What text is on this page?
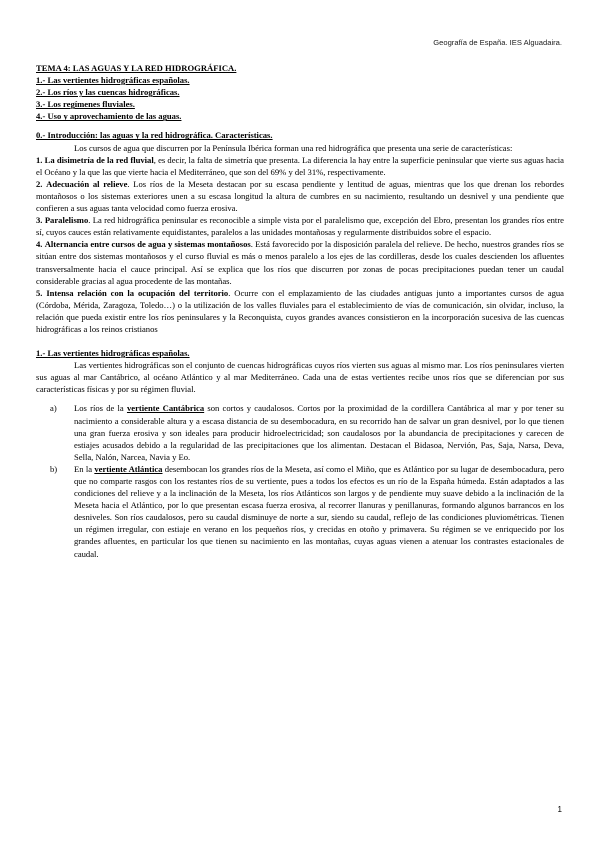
Geografía de España. IES Alguadaira.
TEMA 4: LAS AGUAS Y LA RED HIDROGRÁFICA.
1.- Las vertientes hidrográficas españolas.
2.- Los ríos y las cuencas hidrográficas.
3.- Los regímenes fluviales.
4.- Uso y aprovechamiento de las aguas.
0.- Introducción: las aguas y la red hidrográfica. Características.

Los cursos de agua que discurren por la Península Ibérica forman una red hidrográfica que presenta una serie de características:

1. La disimetría de la red fluvial, es decir, la falta de simetría que presenta. La diferencia la hay entre la superficie peninsular que vierte sus aguas hacia el Océano y la que las que vierte hacia el Mediterráneo, que son del 69% y del 31%, respectivamente.

2. Adecuación al relieve. Los ríos de la Meseta destacan por su escasa pendiente y lentitud de aguas, mientras que los que drenan los rebordes montañosos o los sistemas exteriores unen a su escasa longitud la altura de cumbres en su nacimiento, resultando un desnivel y una pendiente que confieren a sus aguas tanta velocidad como fuerza erosiva.

3. Paralelismo. La red hidrográfica peninsular es reconocible a simple vista por el paralelismo que, excepción del Ebro, presentan los grandes ríos entre sí, cuyos cauces están relativamente equidistantes, paralelos a las unidades montañosas y regularmente distribuidos sobre el espacio.

4. Alternancia entre cursos de agua y sistemas montañosos. Está favorecido por la disposición paralela del relieve. De hecho, nuestros grandes ríos se sitúan entre dos sistemas montañosos y el curso fluvial es más o menos paralelo a los ejes de las cordilleras, desde los cuales descienden los afluentes transversalmente hacia el cauce principal. Así se explica que los ríos que discurren por zonas de pocas precipitaciones puedan tener un caudal considerable gracias al agua procedente de las montañas.

5. Intensa relación con la ocupación del territorio. Ocurre con el emplazamiento de las ciudades antiguas junto a importantes cursos de agua (Córdoba, Mérida, Zaragoza, Toledo…) o la utilización de los valles fluviales para el establecimiento de vías de comunicación, sin olvidar, incluso, la relación que pueda existir entre los ríos peninsulares y la Reconquista, cuyos grandes avances consistieron en la incorporación sucesiva de las cuencas hidrográficas a los reinos cristianos

1.- Las vertientes hidrográficas españolas.

Las vertientes hidrográficas son el conjunto de cuencas hidrográficas cuyos ríos vierten sus aguas al mismo mar. Los ríos peninsulares vierten sus aguas al mar Cantábrico, al océano Atlántico y al mar Mediterráneo. Cada una de estas vertientes recibe unos ríos que se diferencian por sus características físicas y por su régimen fluvial.

a) Los ríos de la vertiente Cantábrica son cortos y caudalosos. Cortos por la proximidad de la cordillera Cantábrica al mar y por tener su nacimiento a considerable altura y a escasa distancia de su desembocadura, en su recorrido han de salvar un gran desnivel, por lo que tienen una gran fuerza erosiva y son ideales para producir hidroelectricidad; son caudalosos por la abundancia de precipitaciones y carecen de estiajes acusados debido a la regularidad de las precipitaciones que los alimentan. Destacan el Bidasoa, Nervión, Pas, Saja, Narsa, Deva, Sella, Nalón, Narcea, Navia y Eo.
b) En la vertiente Atlántica desembocan los grandes ríos de la Meseta, así como el Miño, que es Atlántico por su lugar de desembocadura, pero que no comparte rasgos con los restantes ríos de su vertiente, pues a todos los efectos es un río de la España húmeda. Están adaptados a las condiciones del relieve y a la inclinación de la Meseta, los ríos Atlánticos son largos y de pendiente muy suave debido a la inclinación de la Meseta hacia el Atlántico, por lo que presentan escasa fuerza erosiva, al recorrer llanuras y penillanuras, formando algunos barrancos en los desniveles. Son ríos caudalosos, pero su caudal disminuye de norte a sur, siendo su caudal, reflejo de las condiciones pluviométricas. Tienen un régimen irregular, con estiaje en verano en los pequeños ríos, y crecidas en otoño y primavera. Su régimen se ve enriquecido por los grandes afluentes, en particular los que tienen su nacimiento en las montañas, cuyas aguas vienen a atenuar los contrastes estacionales de caudal.
1
